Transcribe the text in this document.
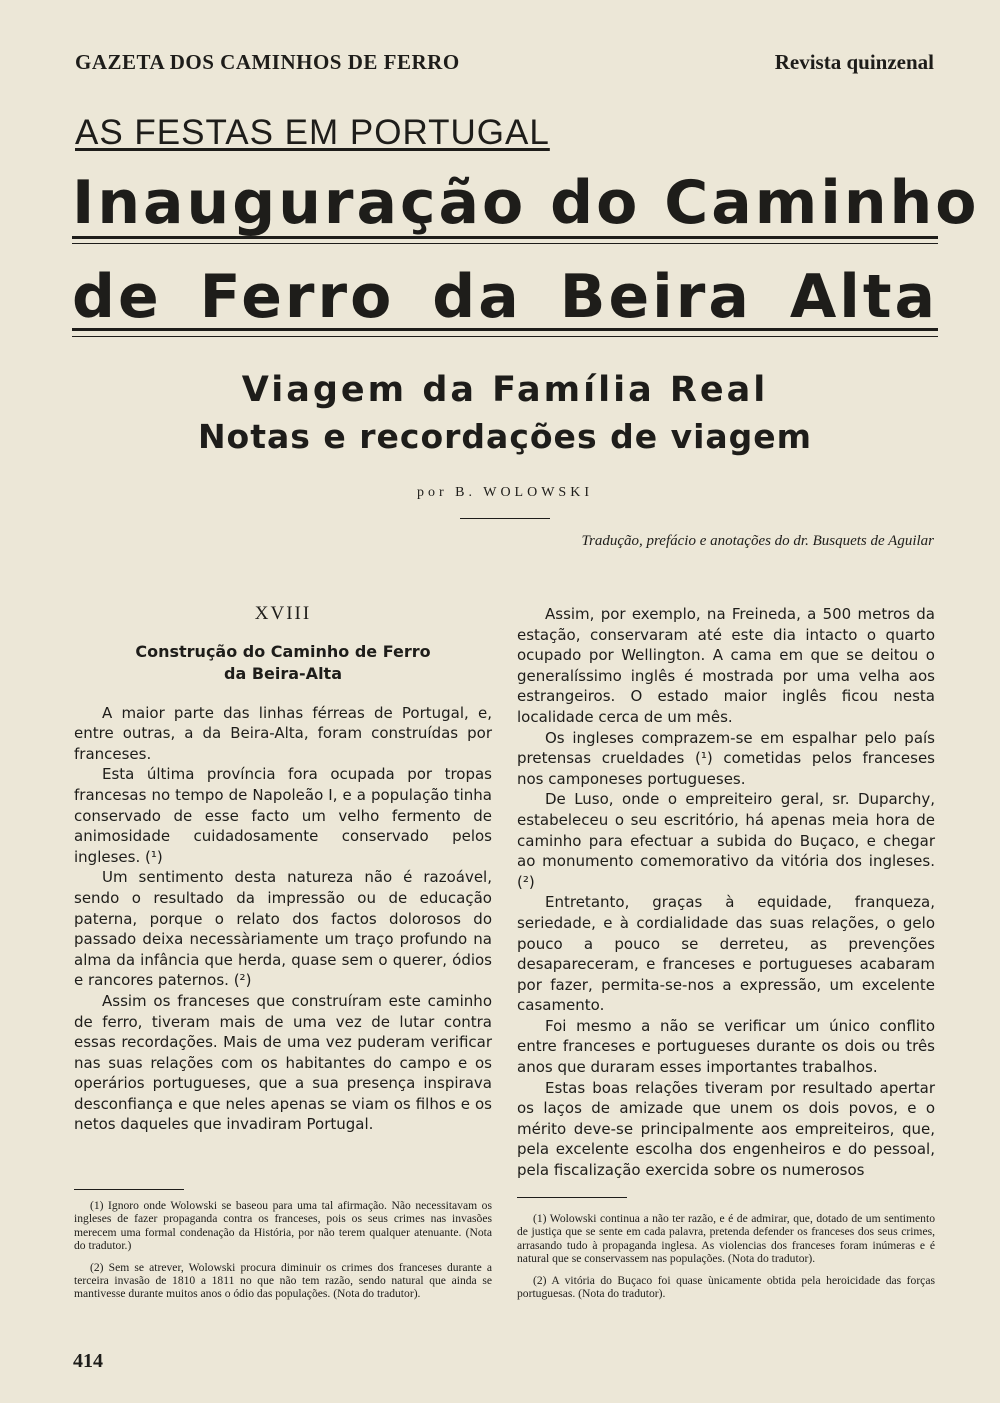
GAZETA DOS CAMINHOS DE FERRO	Revista quinzenal
AS FESTAS EM PORTUGAL
Inauguração do Caminho
de Ferro da Beira Alta
Viagem da Família Real
Notas e recordações de viagem
por B. WOLOWSKI
Tradução, prefácio e anotações do dr. Busquets de Aguilar
XVIII
Construção do Caminho de Ferro
da Beira-Alta

A maior parte das linhas férreas de Portugal, e, entre outras, a da Beira-Alta, foram construídas por franceses.

Esta última província fora ocupada por tropas francesas no tempo de Napoleão I, e a população tinha conservado de esse facto um velho fermento de animosidade cuidadosamente conservado pelos ingleses. (¹)

Um sentimento desta natureza não é razoável, sendo o resultado da impressão ou de educação paterna, porque o relato dos factos dolorosos do passado deixa necessàriamente um traço profundo na alma da infância que herda, quase sem o querer, ódios e rancores paternos. (²)

Assim os franceses que construíram este caminho de ferro, tiveram mais de uma vez de lutar contra essas recordações. Mais de uma vez puderam verificar nas suas relações com os habitantes do campo e os operários portugueses, que a sua presença inspirava desconfiança e que neles apenas se viam os filhos e os netos daqueles que invadiram Portugal.

Assim, por exemplo, na Freineda, a 500 metros da estação, conservaram até este dia intacto o quarto ocupado por Wellington. A cama em que se deitou o generalíssimo inglês é mostrada por uma velha aos estrangeiros. O estado maior inglês ficou nesta localidade cerca de um mês.

Os ingleses comprazem-se em espalhar pelo país pretensas crueldades (¹) cometidas pelos franceses nos camponeses portugueses.

De Luso, onde o empreiteiro geral, sr. Duparchy, estabeleceu o seu escritório, há apenas meia hora de caminho para efectuar a subida do Buçaco, e chegar ao monumento comemorativo da vitória dos ingleses. (²)

Entretanto, graças à equidade, franqueza, seriedade, e à cordialidade das suas relações, o gelo pouco a pouco se derreteu, as prevenções desapareceram, e franceses e portugueses acabaram por fazer, permita-se-nos a expressão, um excelente casamento.

Foi mesmo a não se verificar um único conflito entre franceses e portugueses durante os dois ou três anos que duraram esses importantes trabalhos.

Estas boas relações tiveram por resultado apertar os laços de amizade que unem os dois povos, e o mérito deve-se principalmente aos empreiteiros, que, pela excelente escolha dos engenheiros e do pessoal, pela fiscalização exercida sobre os numerosos

(1) Ignoro onde Wolowski se baseou para uma tal afirmação. Não necessitavam os ingleses de fazer propaganda contra os franceses, pois os seus crimes nas invasões merecem uma formal condenação da História, por não terem qualquer atenuante. (Nota do tradutor.)

(2) Sem se atrever, Wolowski procura diminuir os crimes dos franceses durante a terceira invasão de 1810 a 1811 no que não tem razão, sendo natural que ainda se mantivesse durante muitos anos o ódio das populações. (Nota do tradutor).

(1) Wolowski continua a não ter razão, e é de admirar, que, dotado de um sentimento de justiça que se sente em cada palavra, pretenda defender os franceses dos seus crimes, arrasando tudo à propaganda inglesa. As violencias dos franceses foram inúmeras e é natural que se conservassem nas populações. (Nota do tradutor).

(2) A vitória do Buçaco foi quase ùnicamente obtida pela heroicidade das forças portuguesas. (Nota do tradutor).

414
